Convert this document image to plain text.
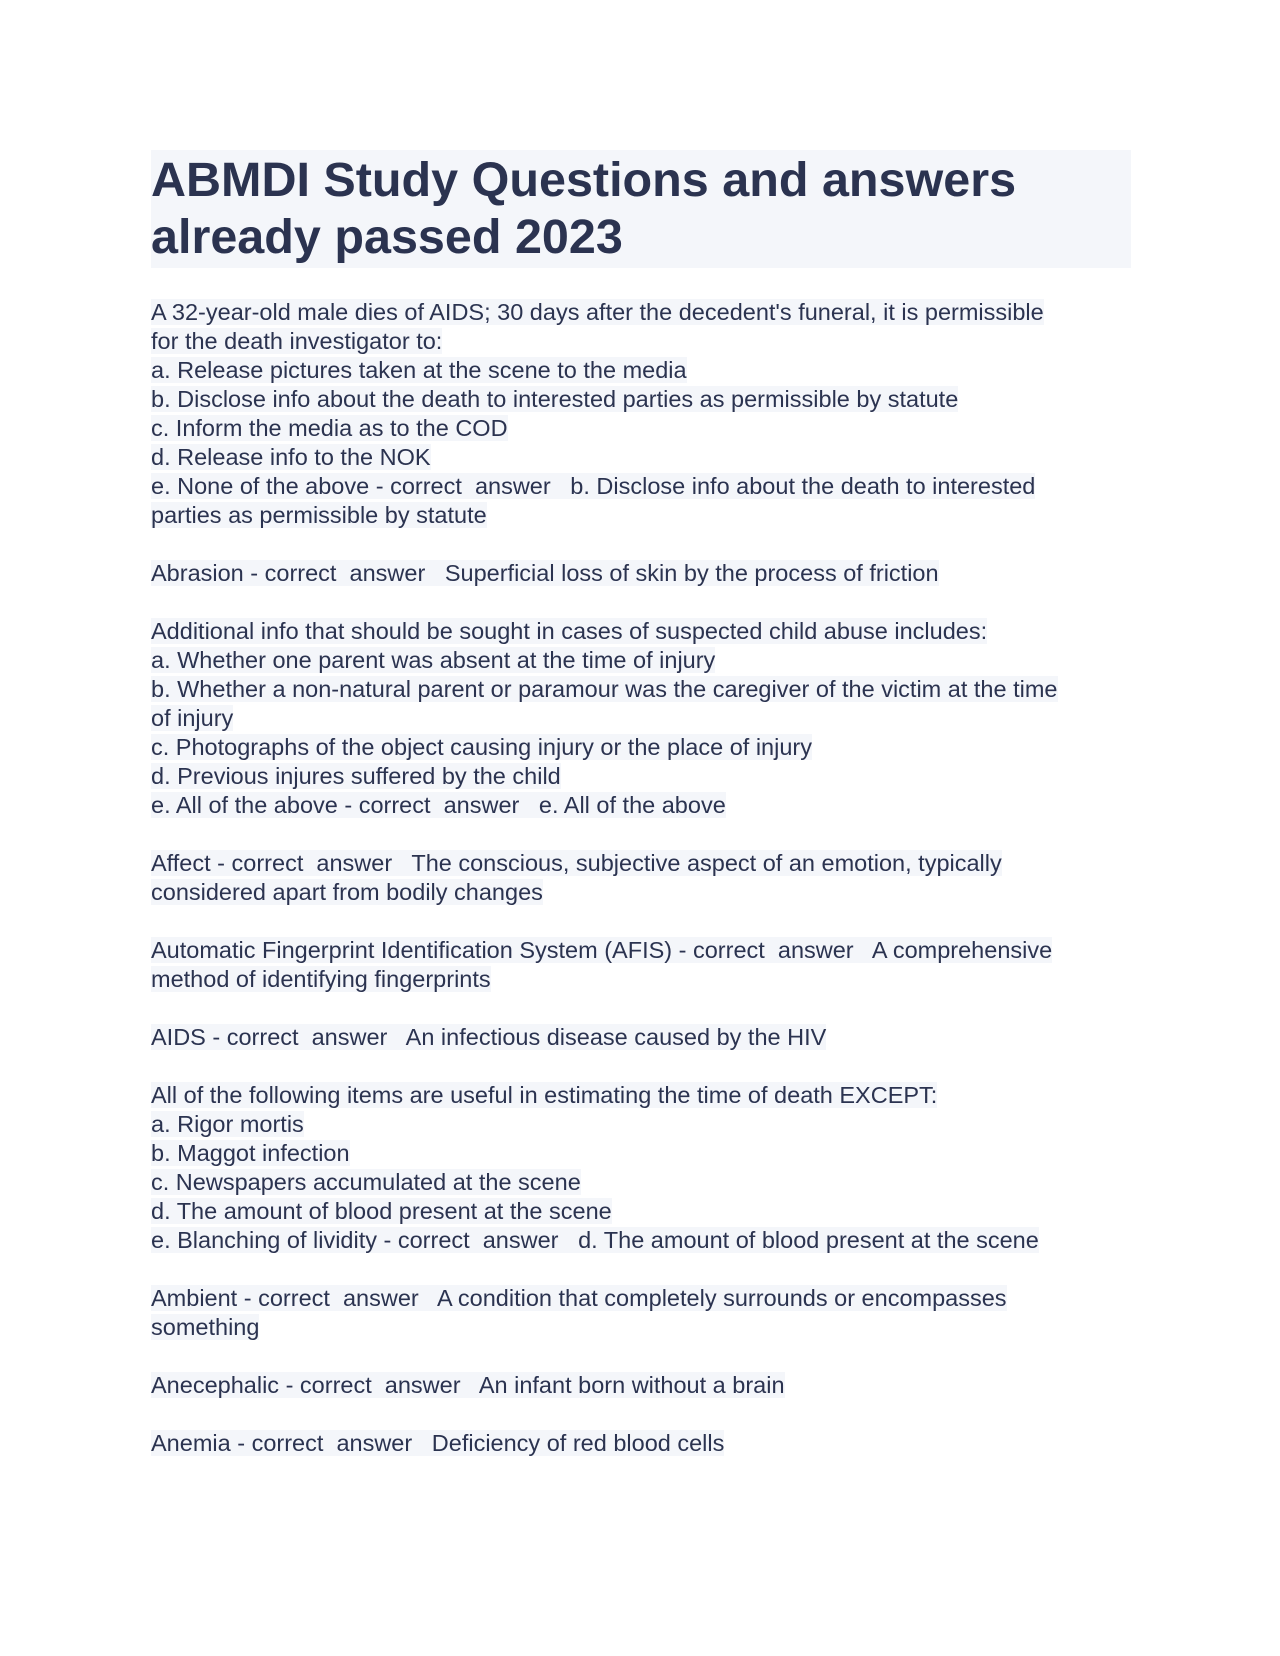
ABMDI Study Questions and answers already passed 2023
A 32-year-old male dies of AIDS; 30 days after the decedent's funeral, it is permissible
for the death investigator to:
a. Release pictures taken at the scene to the media
b. Disclose info about the death to interested parties as permissible by statute
c. Inform the media as to the COD
d. Release info to the NOK
e. None of the above - correct  answer   b. Disclose info about the death to interested
parties as permissible by statute
Abrasion - correct  answer   Superficial loss of skin by the process of friction
Additional info that should be sought in cases of suspected child abuse includes:
a. Whether one parent was absent at the time of injury
b. Whether a non-natural parent or paramour was the caregiver of the victim at the time
of injury
c. Photographs of the object causing injury or the place of injury
d. Previous injures suffered by the child
e. All of the above - correct  answer   e. All of the above
Affect - correct  answer   The conscious, subjective aspect of an emotion, typically
considered apart from bodily changes
Automatic Fingerprint Identification System (AFIS) - correct  answer   A comprehensive
method of identifying fingerprints
AIDS - correct  answer   An infectious disease caused by the HIV
All of the following items are useful in estimating the time of death EXCEPT:
a. Rigor mortis
b. Maggot infection
c. Newspapers accumulated at the scene
d. The amount of blood present at the scene
e. Blanching of lividity - correct  answer   d. The amount of blood present at the scene
Ambient - correct  answer   A condition that completely surrounds or encompasses
something
Anecephalic - correct  answer   An infant born without a brain
Anemia - correct  answer   Deficiency of red blood cells
